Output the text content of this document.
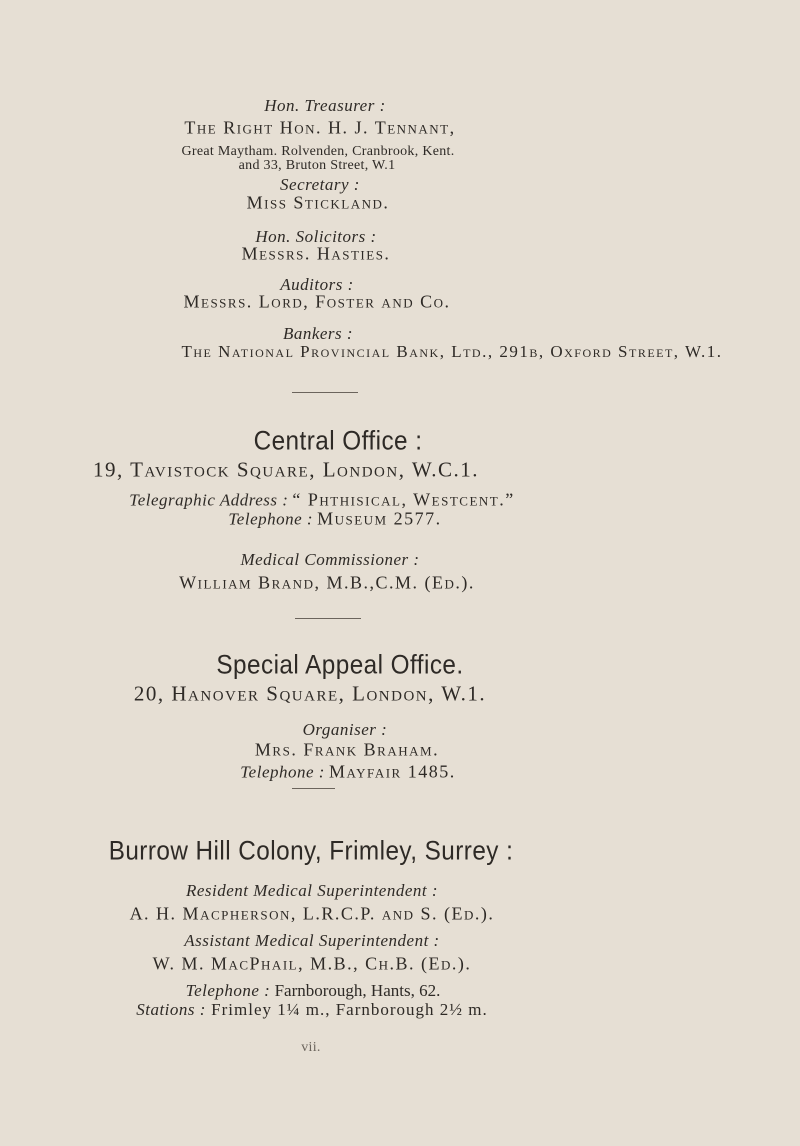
Hon. Treasurer :
The Right Hon. H. J. Tennant,
Great Maytham. Rolvenden, Cranbrook, Kent.
and 33, Bruton Street, W.1
Secretary :
Miss Stickland.
Hon. Solicitors :
Messrs. Hasties.
Auditors :
Messrs. Lord, Foster and Co.
Bankers :
The National Provincial Bank, Ltd., 291b, Oxford Street, W.1.
Central Office :
19, Tavistock Square, London, W.C.1.
Telegraphic Address : “ Phthisical, Westcent.”
Telephone : Museum 2577.
Medical Commissioner :
William Brand, M.B.,C.M. (Ed.).
Special Appeal Office.
20, Hanover Square, London, W.1.
Organiser :
Mrs. Frank Braham.
Telephone : Mayfair 1485.
Burrow Hill Colony, Frimley, Surrey :
Resident Medical Superintendent :
A. H. Macpherson, L.R.C.P. and S. (Ed.).
Assistant Medical Superintendent :
W. M. MacPhail, M.B., Ch.B. (Ed.).
Telephone : Farnborough, Hants, 62.
Stations : Frimley 1¼ m., Farnborough 2½ m.
vii.
